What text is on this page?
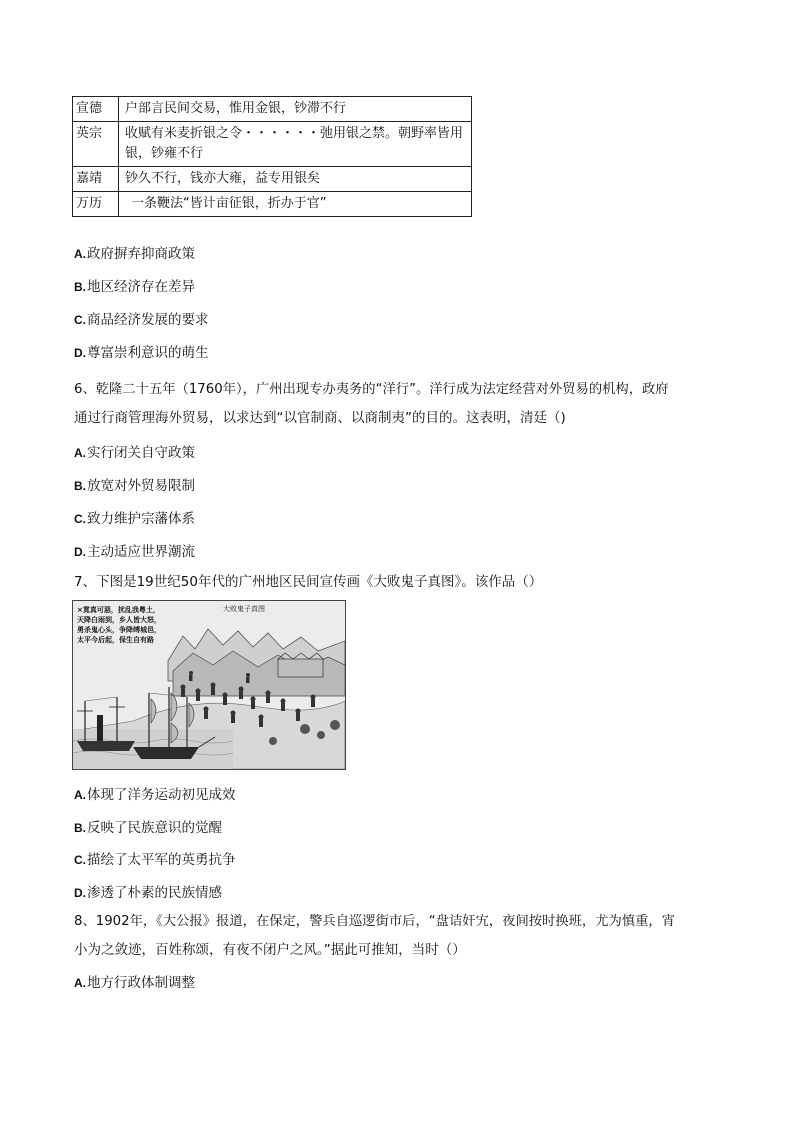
宣德	户部言民间交易，惟用金银，钞滞不行
英宗	收赋有米麦折银之令・・・・・・弛用银之禁。朝野率皆用银，钞雍不行
嘉靖	钞久不行，钱亦大雍，益专用银矣
万历	一条鞭法“皆计亩征银，折办于官”
A.政府摒弃抑商政策
B.地区经济存在差异
C.商品经济发展的要求
D.尊富崇利意识的萌生
6、乾隆二十五年（1760年），广州出现专办夷务的“洋行”。洋行成为法定经营对外贸易的机构，政府
通过行商管理海外贸易，以求达到“以官制商、以商制夷”的目的。这表明，清廷（)
A.实行闭关自守政策
B.放宽对外贸易限制
C.致力维护宗藩体系
D.主动适应世界潮流
7、下图是19世纪50年代的广州地区民间宣传画《大败鬼子真图》。该作品（）
×寬真可惡，扰乱我粤土，
天降白雨到，乡人皆大怒，
勇杀鬼心头，争降缚城邑，
太平今后起，保生自有路
大败鬼子真图
A.体现了洋务运动初见成效
B.反映了民族意识的觉醒
C.描绘了太平军的英勇抗争
D.渗透了朴素的民族情感
8、1902年，《大公报》报道，在保定，警兵自巡逻街市后，“盘诘奸宄，夜间按时换班，尤为慎重，宵
小为之敛迹，百姓称颂，有夜不闭户之风。”据此可推知，当时（）
A.地方行政体制调整
